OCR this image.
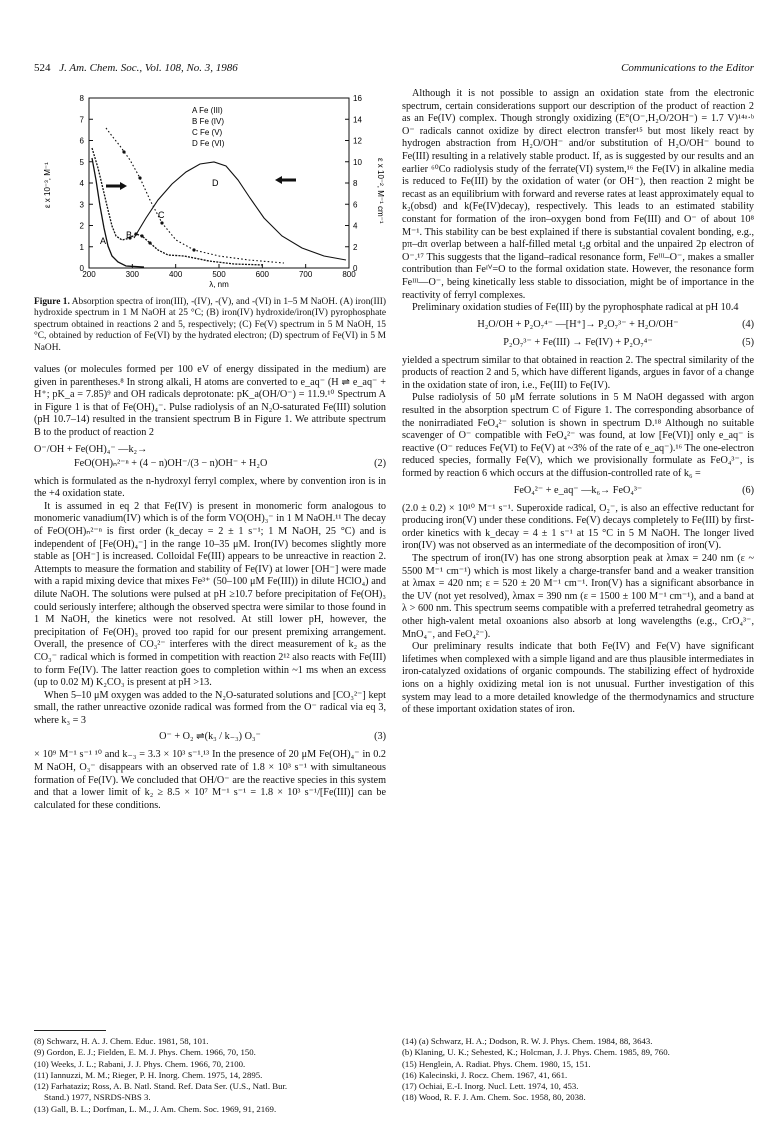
524 J. Am. Chem. Soc., Vol. 108, No. 3, 1986	Communications to the Editor
200	300	400	500	600	700	800
0
1
2
3
4
5
6
7
8
0
2
4
6
8
10
12
14
16
A Fe (III)
B Fe (IV)
C Fe (V)
D Fe (VI)
A
B
C
D
λ, nm
ε x 10⁻³, M⁻¹	ε x 10⁻², M⁻¹ cm⁻¹
Figure 1. Absorption spectra of iron(III), -(IV), -(V), and -(VI) in 1–5 M NaOH. (A) iron(III) hydroxide spectrum in 1 M NaOH at 25 °C; (B) iron(IV) hydroxide/iron(IV) pyrophosphate spectrum obtained in reactions 2 and 5, respectively; (C) Fe(V) spectrum in 5 M NaOH, 15 °C, obtained by reduction of Fe(VI) by the hydrated electron; (D) spectrum of Fe(VI) in 5 M NaOH.

values (or molecules formed per 100 eV of energy dissipated in the medium) are given in parentheses.⁸ In strong alkali, H atoms are converted to e_aq⁻ (H ⇌ e_aq⁻ + H⁺; pK_a = 7.85)⁹ and OH radicals deprotonate: pK_a(OH/O⁻) = 11.9.¹⁰ Spectrum A in Figure 1 is that of Fe(OH)₄⁻. Pulse radiolysis of an N₂O-saturated Fe(III) solution (pH 10.7–14) resulted in the transient spectrum B in Figure 1. We attribute spectrum B to the product of reaction 2

O⁻/OH + Fe(OH)₄⁻ —k₂→
FeO(OH)ₙ²⁻ⁿ + (4 − n)OH⁻/(3 − n)OH⁻ + H₂O	(2)

which is formulated as the n-hydroxyl ferryl complex, where by convention iron is in the +4 oxidation state.

It is assumed in eq 2 that Fe(IV) is present in monomeric form analogous to monomeric vanadium(IV) which is of the form VO(OH)₃⁻ in 1 M NaOH.¹¹ The decay of FeO(OH)ₙ²⁻ⁿ is first order (k_decay = 2 ± 1 s⁻¹; 1 M NaOH, 25 °C) and is independent of [Fe(OH)₄⁻] in the range 10–35 μM. Iron(IV) becomes slightly more stable as [OH⁻] is increased. Colloidal Fe(III) appears to be unreactive in reaction 2. Attempts to measure the formation and stability of Fe(IV) at lower [OH⁻] were made with a rapid mixing device that mixes Fe³⁺ (50–100 μM Fe(III)) in dilute HClO₄) and dilute NaOH. The solutions were pulsed at pH ≥10.7 before precipitation of Fe(OH)₃ could seriously interfere; although the observed spectra were similar to those found in 1 M NaOH, the kinetics were not resolved. At still lower pH, however, the precipitation of Fe(OH)₃ proved too rapid for our present premixing arrangement. Overall, the presence of CO₃²⁻ interferes with the direct measurement of k₂ as the CO₃⁻ radical which is formed in competition with reaction 2¹² also reacts with Fe(III) to form Fe(IV). The latter reaction goes to completion within ~1 ms when an excess (up to 0.02 M) K₂CO₃ is present at pH >13.

When 5–10 μM oxygen was added to the N₂O-saturated solutions and [CO₃²⁻] kept small, the rather unreactive ozonide radical was formed from the O⁻ radical via eq 3, where k₃ = 3

O⁻ + O₂ ⇌(k₃ / k₋₃) O₃⁻	(3)

× 10⁹ M⁻¹ s⁻¹ ¹⁰ and k₋₃ = 3.3 × 10³ s⁻¹.¹³ In the presence of 20 μM Fe(OH)₄⁻ in 0.2 M NaOH, O₃⁻ disappears with an observed rate of 1.8 × 10³ s⁻¹ with simultaneous formation of Fe(IV). We concluded that OH/O⁻ are the reactive species in this system and that a lower limit of k₂ ≥ 8.5 × 10⁷ M⁻¹ s⁻¹ = 1.8 × 10³ s⁻¹/[Fe(III)] can be calculated for these conditions.

Although it is not possible to assign an oxidation state from the electronic spectrum, certain considerations support our description of the product of reaction 2 as an Fe(IV) complex. Though strongly oxidizing (E°(O⁻,H₂O/2OH⁻) = 1.7 V)¹⁴ᵃ·ᵇ O⁻ radicals cannot oxidize by direct electron transfer¹⁵ but most likely react by hydrogen abstraction from H₂O/OH⁻ and/or substitution of H₂O/OH⁻ bound to Fe(III) resulting in a relatively stable product. If, as is suggested by our results and an earlier ⁶⁰Co radiolysis study of the ferrate(VI) system,¹⁶ the Fe(IV) in alkaline media is reduced to Fe(III) by the oxidation of water (or OH⁻), then reaction 2 might be recast as an equilibrium with forward and reverse rates at least approximately equal to k₂(obsd) and k(Fe(IV)decay), respectively. This leads to an estimated stability constant for formation of the iron–oxygen bond from Fe(III) and O⁻ of about 10⁸ M⁻¹. This stability can be best explained if there is substantial covalent bonding, e.g., pπ–dπ overlap between a half-filled metal t₂g orbital and the unpaired 2p electron of O⁻.¹⁷ This suggests that the ligand–radical resonance form, Feᴵᴵᴵ–O⁻, makes a smaller contribution than Feᴵⱽ=O to the formal oxidation state. However, the resonance form Feᴵᴵᴵ—O⁻, being kinetically less stable to dissociation, might be of importance in the reactivity of ferryl complexes.

Preliminary oxidation studies of Fe(III) by the pyrophosphate radical at pH 10.4

H₂O/OH + P₂O₇⁴⁻ —[H⁺]→ P₂O₇³⁻ + H₂O/OH⁻	(4)
P₂O₇³⁻ + Fe(III) → Fe(IV) + P₂O₇⁴⁻	(5)

yielded a spectrum similar to that obtained in reaction 2. The spectral similarity of the products of reaction 2 and 5, which have different ligands, argues in favor of a change in the oxidation state of iron, i.e., Fe(III) to Fe(IV).

Pulse radiolysis of 50 μM ferrate solutions in 5 M NaOH degassed with argon resulted in the absorption spectrum C of Figure 1. The corresponding absorbance of the nonirradiated FeO₄²⁻ solution is shown in spectrum D.¹⁸ Although no suitable scavenger of O⁻ compatible with FeO₄²⁻ was found, at low [Fe(VI)] only e_aq⁻ is reactive (O⁻ reduces Fe(VI) to Fe(V) at ~3% of the rate of e_aq⁻).¹⁶ The one-electron reduced species, formally Fe(V), which we provisionally formulate as FeO₄³⁻, is formed by reaction 6 which occurs at the diffusion-controlled rate of k₆ =

FeO₄²⁻ + e_aq⁻ —k₆→ FeO₄³⁻	(6)

(2.0 ± 0.2) × 10¹⁰ M⁻¹ s⁻¹. Superoxide radical, O₂⁻, is also an effective reductant for producing iron(V) under these conditions. Fe(V) decays completely to Fe(III) by first-order kinetics with k_decay = 4 ± 1 s⁻¹ at 15 °C in 5 M NaOH. The longer lived iron(IV) was not observed as an intermediate of the decomposition of iron(V).

The spectrum of iron(IV) has one strong absorption peak at λmax = 240 nm (ε ~ 5500 M⁻¹ cm⁻¹) which is most likely a charge-transfer band and a weaker transition at λmax = 420 nm; ε = 520 ± 20 M⁻¹ cm⁻¹. Iron(V) has a significant absorbance in the UV (not yet resolved), λmax = 390 nm (ε = 1500 ± 100 M⁻¹ cm⁻¹), and a band at λ > 600 nm. This spectrum seems compatible with a preferred tetrahedral geometry as other high-valent metal oxoanions also absorb at long wavelengths (e.g., CrO₄³⁻, MnO₄⁻, and FeO₄²⁻).

Our preliminary results indicate that both Fe(IV) and Fe(V) have significant lifetimes when complexed with a simple ligand and are thus plausible intermediates in iron-catalyzed oxidations of organic compounds. The stabilizing effect of hydroxide ions on a highly oxidizing metal ion is not unusual. Further investigation of this system may lead to a more detailed knowledge of the thermodynamics and structure of these important oxidation states of iron.

(8) Schwarz, H. A. J. Chem. Educ. 1981, 58, 101.
(9) Gordon, E. J.; Fielden, E. M. J. Phys. Chem. 1966, 70, 150.
(10) Weeks, J. L.; Rabani, J. J. Phys. Chem. 1966, 70, 2100.
(11) Iannuzzi, M. M.; Rieger, P. H. Inorg. Chem. 1975, 14, 2895.
(12) Farhataziz; Ross, A. B. Natl. Stand. Ref. Data Ser. (U.S., Natl. Bur.
Stand.) 1977, NSRDS-NBS 3.
(13) Gall, B. L.; Dorfman, L. M., J. Am. Chem. Soc. 1969, 91, 2169.
(14) (a) Schwarz, H. A.; Dodson, R. W. J. Phys. Chem. 1984, 88, 3643.
(b) Klaning, U. K.; Sehested, K.; Holcman, J. J. Phys. Chem. 1985, 89, 760.
(15) Henglein, A. Radiat. Phys. Chem. 1980, 15, 151.
(16) Kalecinski, J. Rocz. Chem. 1967, 41, 661.
(17) Ochiai, E.-I. Inorg. Nucl. Lett. 1974, 10, 453.
(18) Wood, R. F. J. Am. Chem. Soc. 1958, 80, 2038.
